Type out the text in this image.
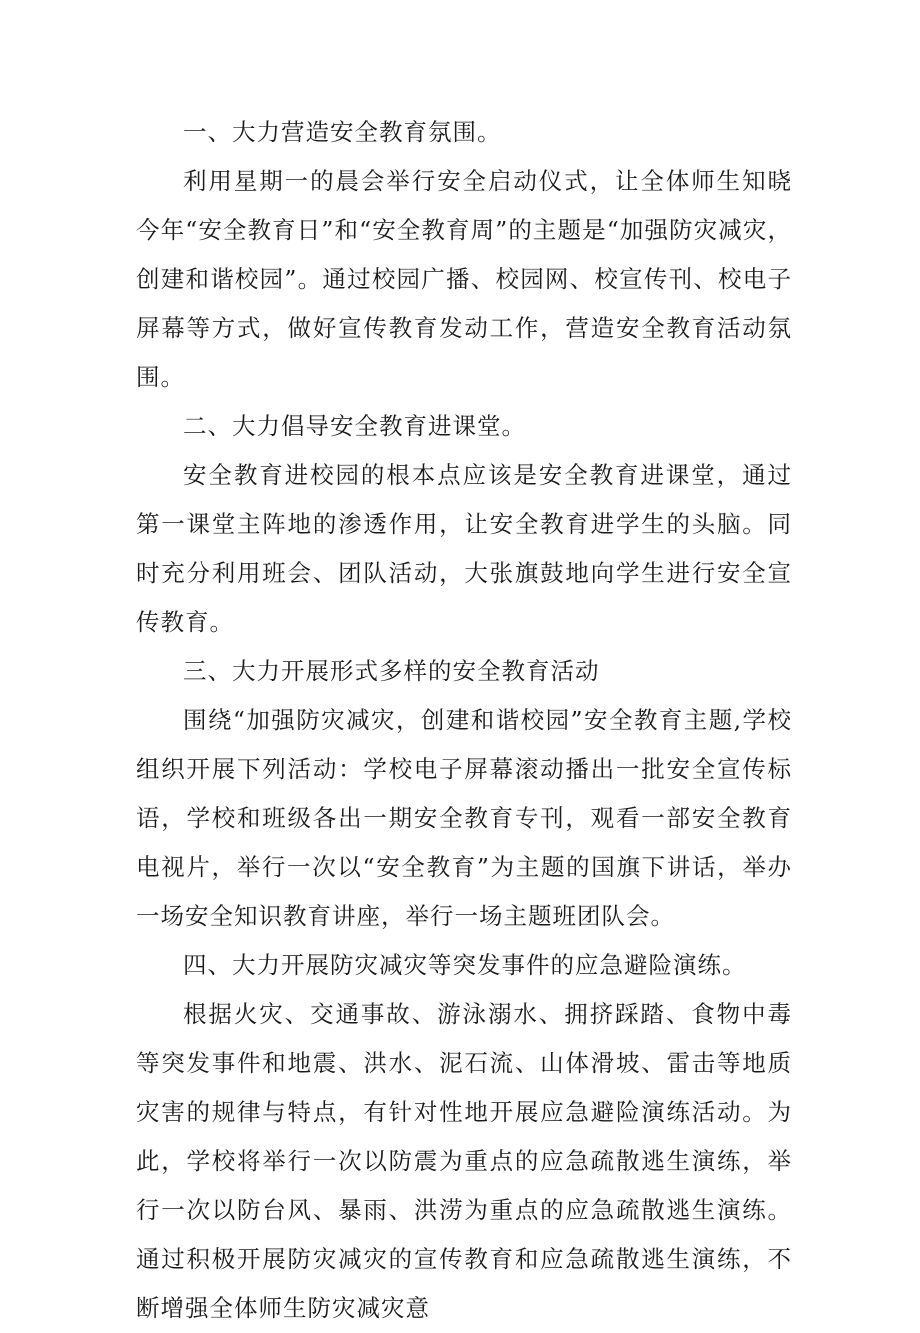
一、大力营造安全教育氛围。

利用星期一的晨会举行安全启动仪式，让全体师生知晓今年“安全教育日”和“安全教育周”的主题是“加强防灾减灾，创建和谐校园”。通过校园广播、校园网、校宣传刊、校电子屏幕等方式，做好宣传教育发动工作，营造安全教育活动氛围。

二、大力倡导安全教育进课堂。

安全教育进校园的根本点应该是安全教育进课堂，通过第一课堂主阵地的渗透作用，让安全教育进学生的头脑。同时充分利用班会、团队活动，大张旗鼓地向学生进行安全宣传教育。

三、大力开展形式多样的安全教育活动

围绕“加强防灾减灾，创建和谐校园”安全教育主题,学校组织开展下列活动：学校电子屏幕滚动播出一批安全宣传标语，学校和班级各出一期安全教育专刊，观看一部安全教育电视片，举行一次以“安全教育”为主题的国旗下讲话，举办一场安全知识教育讲座，举行一场主题班团队会。

四、大力开展防灾减灾等突发事件的应急避险演练。

根据火灾、交通事故、游泳溺水、拥挤踩踏、食物中毒等突发事件和地震、洪水、泥石流、山体滑坡、雷击等地质灾害的规律与特点，有针对性地开展应急避险演练活动。为此，学校将举行一次以防震为重点的应急疏散逃生演练，举行一次以防台风、暴雨、洪涝为重点的应急疏散逃生演练。通过积极开展防灾减灾的宣传教育和应急疏散逃生演练，不断增强全体师生防灾减灾意
